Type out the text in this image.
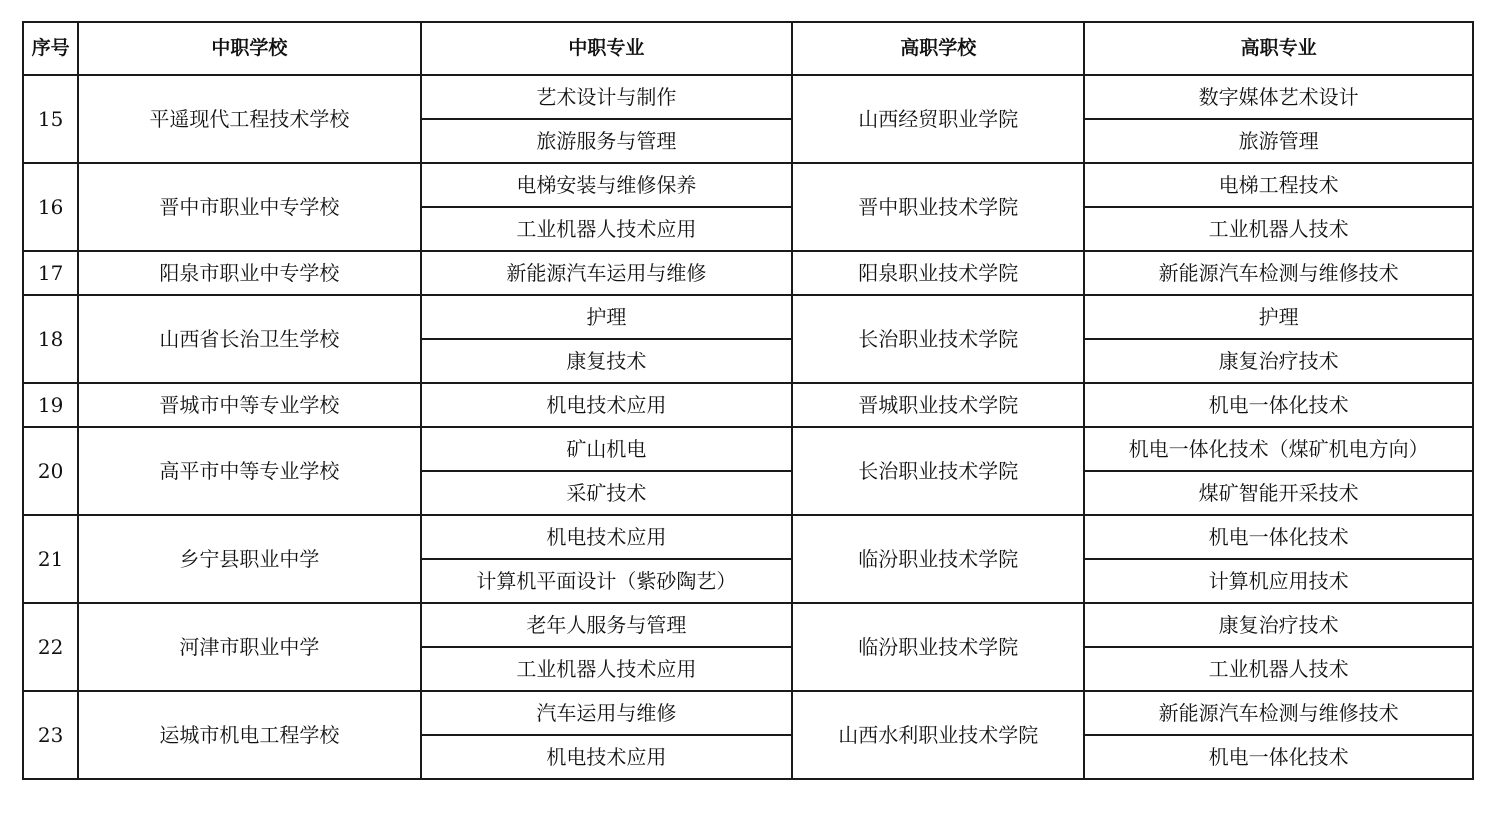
序号	中职学校	中职专业	高职学校	高职专业
15	平遥现代工程技术学校	艺术设计与制作	山西经贸职业学院	数字媒体艺术设计
		旅游服务与管理		旅游管理
16	晋中市职业中专学校	电梯安装与维修保养	晋中职业技术学院	电梯工程技术
		工业机器人技术应用		工业机器人技术
17	阳泉市职业中专学校	新能源汽车运用与维修	阳泉职业技术学院	新能源汽车检测与维修技术
18	山西省长治卫生学校	护理	长治职业技术学院	护理
		康复技术		康复治疗技术
19	晋城市中等专业学校	机电技术应用	晋城职业技术学院	机电一体化技术
20	高平市中等专业学校	矿山机电	长治职业技术学院	机电一体化技术（煤矿机电方向）
		采矿技术		煤矿智能开采技术
21	乡宁县职业中学	机电技术应用	临汾职业技术学院	机电一体化技术
		计算机平面设计（紫砂陶艺）		计算机应用技术
22	河津市职业中学	老年人服务与管理	临汾职业技术学院	康复治疗技术
		工业机器人技术应用		工业机器人技术
23	运城市机电工程学校	汽车运用与维修	山西水利职业技术学院	新能源汽车检测与维修技术
		机电技术应用		机电一体化技术
